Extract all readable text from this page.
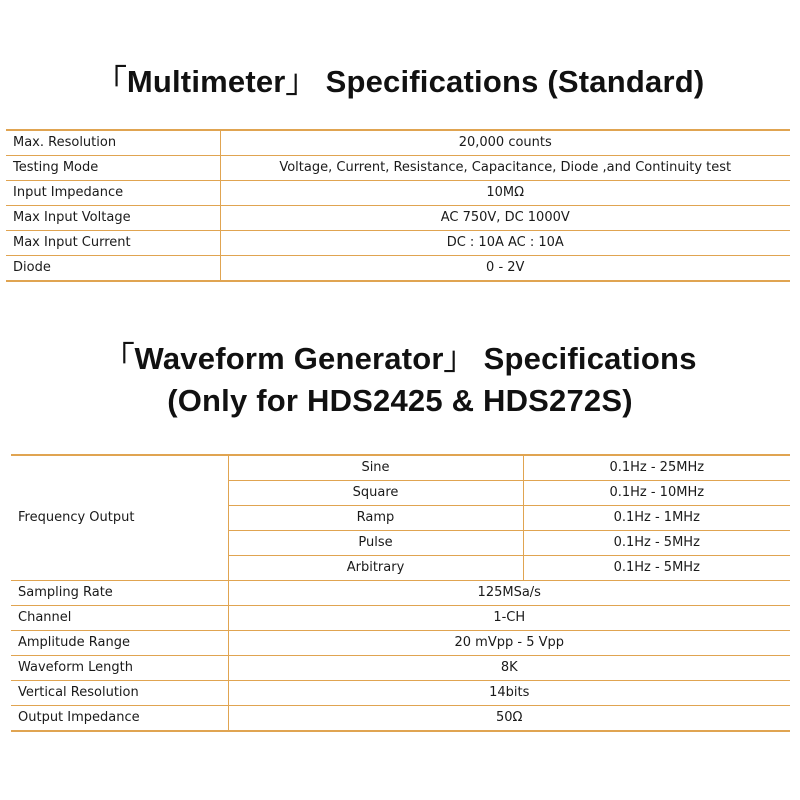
「Multimeter」 Specifications (Standard)
Max. Resolution	20,000 counts
Testing Mode	Voltage, Current, Resistance, Capacitance, Diode ,and Continuity test
Input Impedance	10MΩ
Max Input Voltage	AC 750V, DC 1000V
Max Input Current	DC : 10A AC : 10A
Diode	0 - 2V
「Waveform Generator」 Specifications
(Only for HDS2425 & HDS272S)
Frequency Output	Sine	0.1Hz - 25MHz
	Square	0.1Hz - 10MHz
	Ramp	0.1Hz - 1MHz
	Pulse	0.1Hz - 5MHz
	Arbitrary	0.1Hz - 5MHz
Sampling Rate	125MSa/s	
Channel	1-CH	
Amplitude Range	20 mVpp - 5 Vpp	
Waveform Length	8K	
Vertical Resolution	14bits	
Output Impedance	50Ω	
